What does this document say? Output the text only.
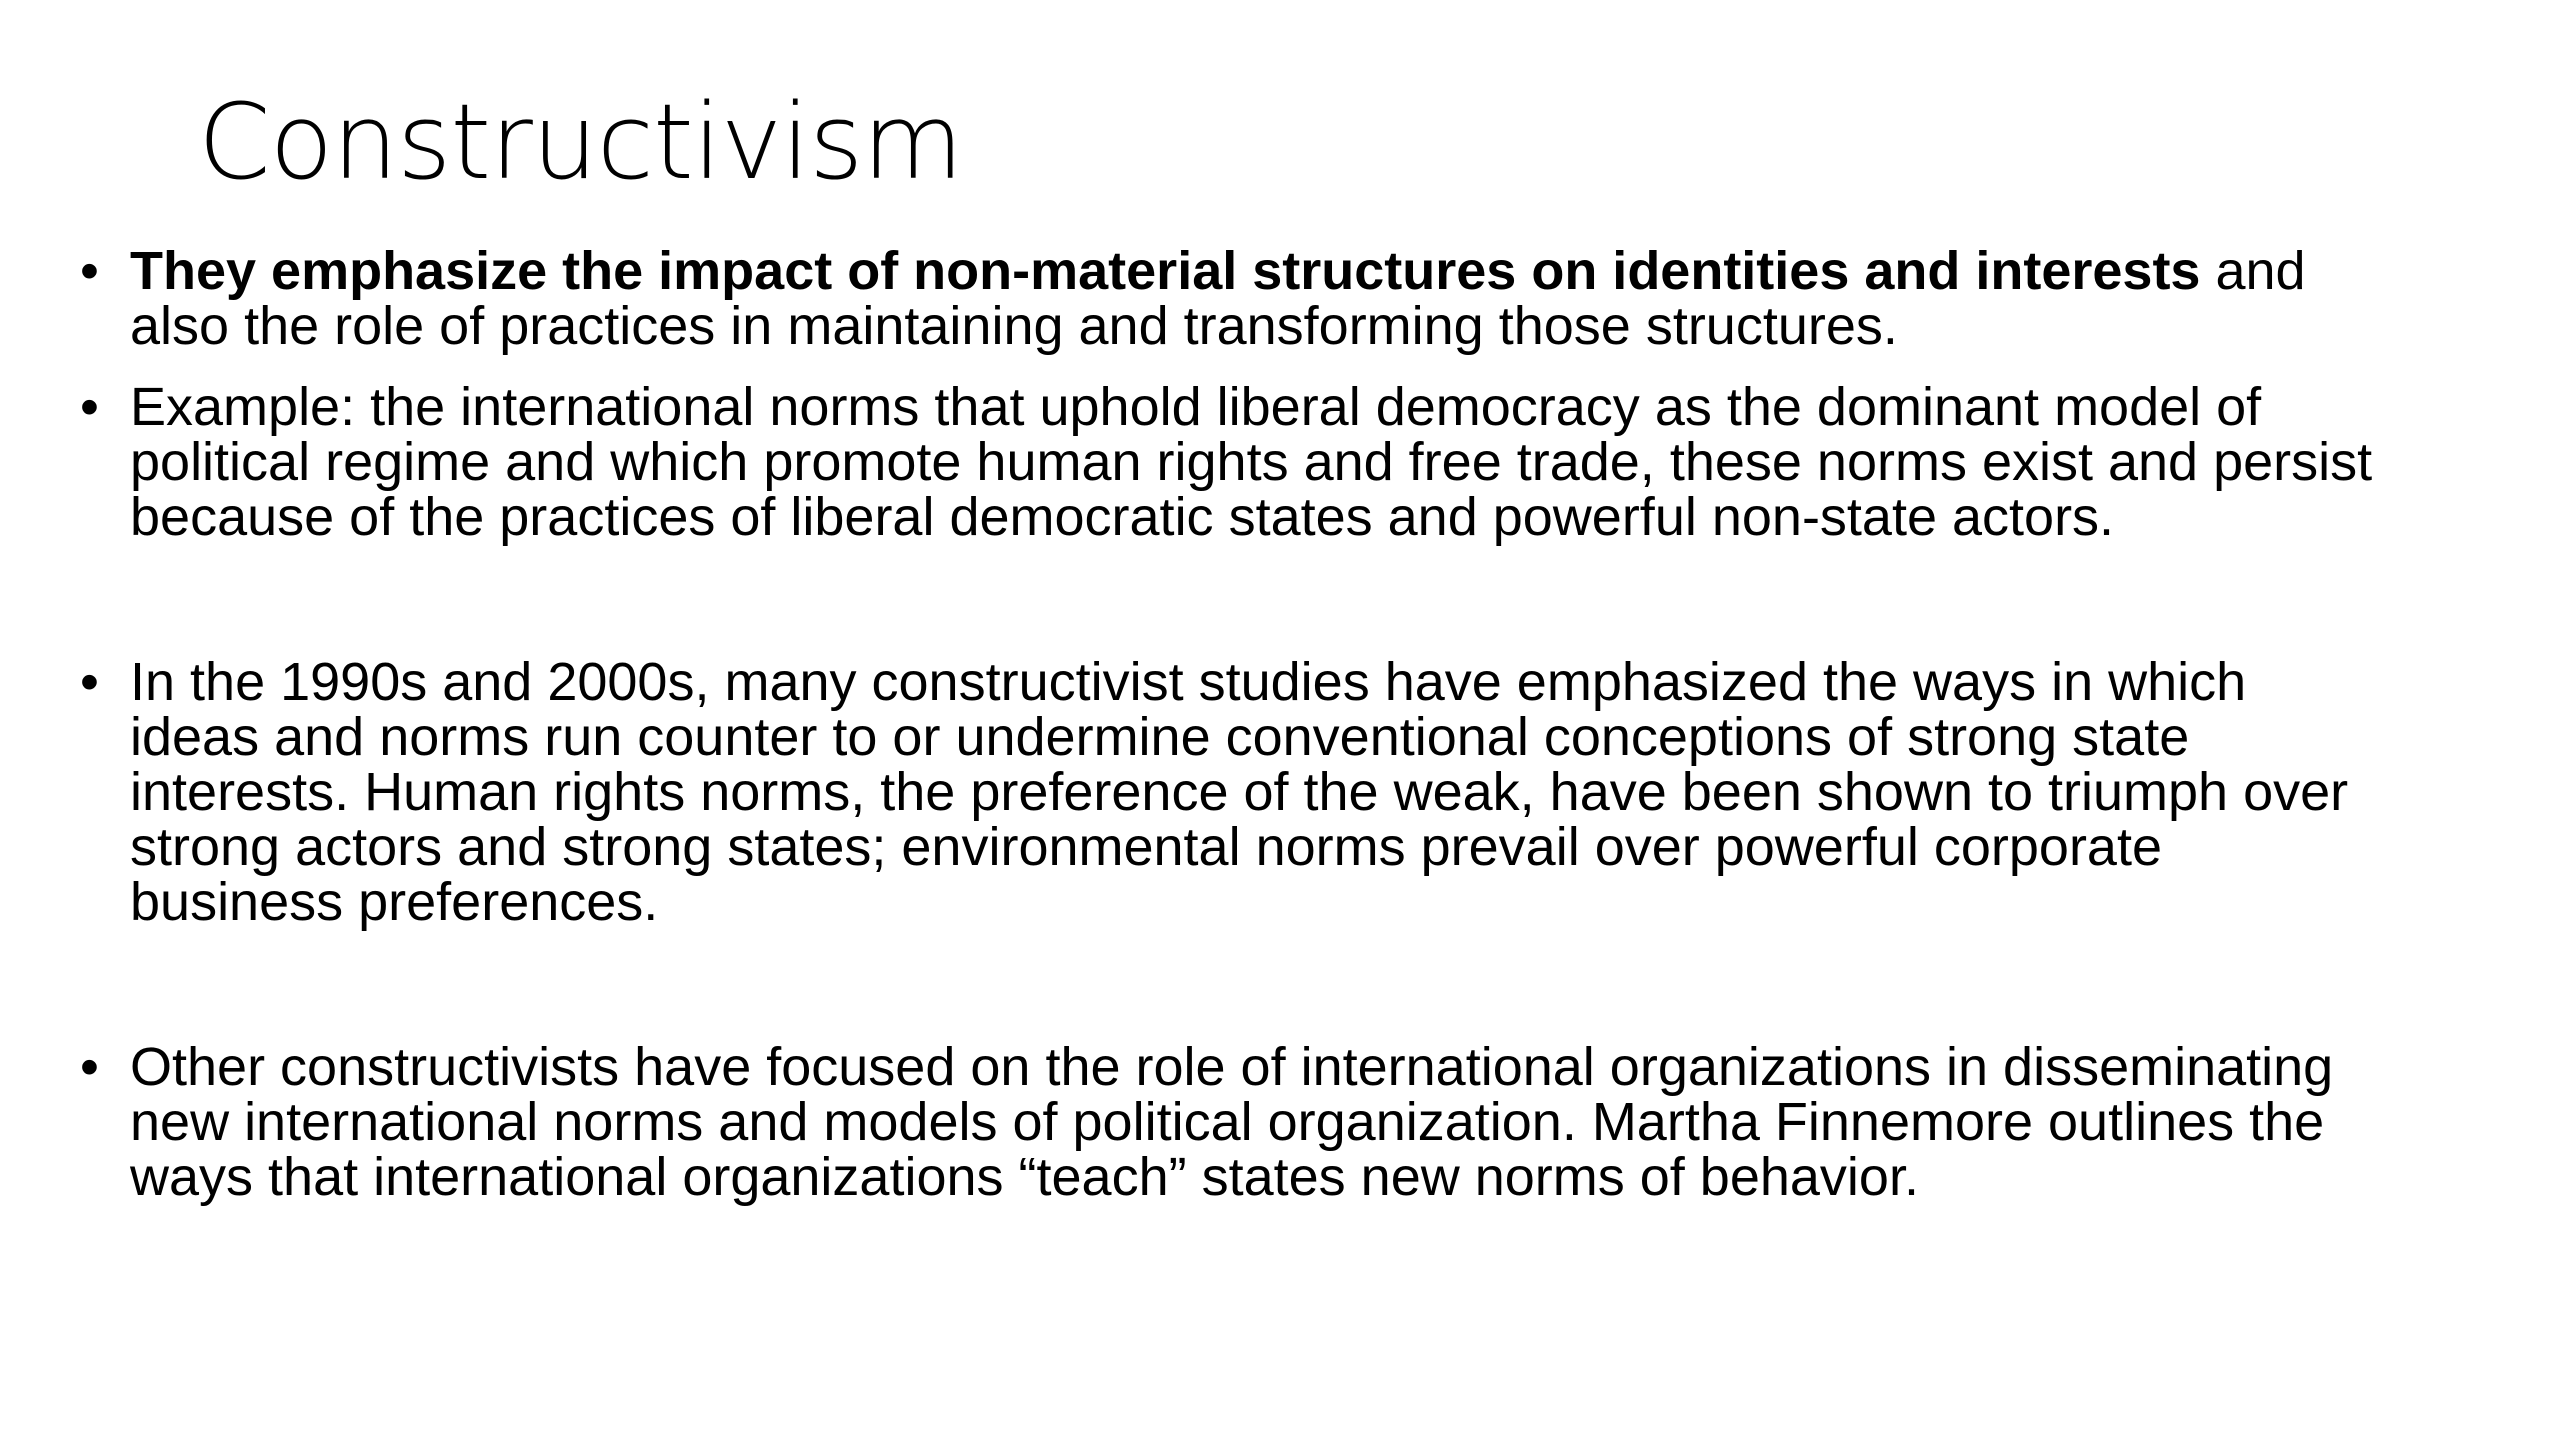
Constructivism
• They emphasize the impact of non-material structures on identities and interests and also the role of practices in maintaining and transforming those structures.
• Example: the international norms that uphold liberal democracy as the dominant model of political regime and which promote human rights and free trade, these norms exist and persist because of the practices of liberal democratic states and powerful non-state actors.
• In the 1990s and 2000s, many constructivist studies have emphasized the ways in which ideas and norms run counter to or undermine conventional conceptions of strong state interests. Human rights norms, the preference of the weak, have been shown to triumph over strong actors and strong states; environmental norms prevail over powerful corporate business preferences.
• Other constructivists have focused on the role of international organizations in disseminating new international norms and models of political organization. Martha Finnemore outlines the ways that international organizations “teach” states new norms of behavior.
